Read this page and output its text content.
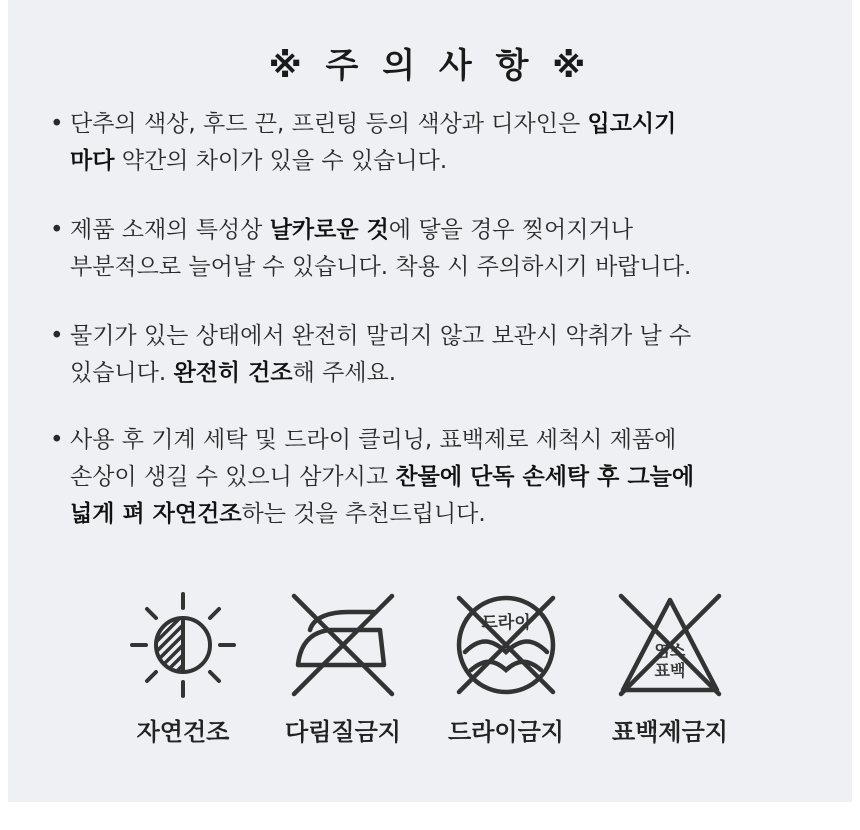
※ 주 의 사 항 ※
• 단추의 색상, 후드 끈, 프린팅 등의 색상과 디자인은 입고시기
마다 약간의 차이가 있을 수 있습니다.
• 제품 소재의 특성상 날카로운 것에 닿을 경우 찢어지거나
부분적으로 늘어날 수 있습니다. 착용 시 주의하시기 바랍니다.
• 물기가 있는 상태에서 완전히 말리지 않고 보관시 악취가 날 수
있습니다. 완전히 건조해 주세요.
• 사용 후 기계 세탁 및 드라이 클리닝, 표백제로 세척시 제품에
손상이 생길 수 있으니 삼가시고 찬물에 단독 손세탁 후 그늘에
넓게 펴 자연건조하는 것을 추천드립니다.
드라이
염소
표백
자연건조	다림질금지	드라이금지	표백제금지
